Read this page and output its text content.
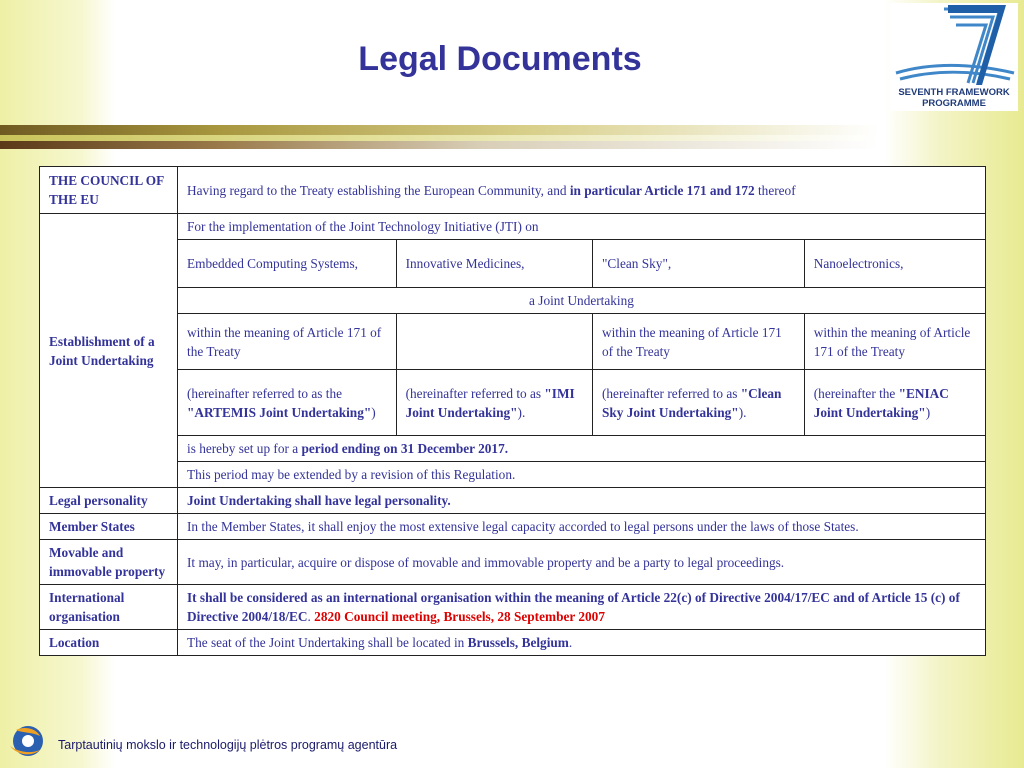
Legal Documents
SEVENTH FRAMEWORK
PROGRAMME
THE COUNCIL OF THE EU	Having regard to the Treaty establishing the European Community, and in particular Article 171 and 172 thereof			
Establishment of a Joint Undertaking	For the implementation of the Joint Technology Initiative (JTI) on			
	Embedded Computing Systems,	Innovative Medicines,	"Clean Sky",	Nanoelectronics,
	a Joint Undertaking			
	within the meaning of Article 171 of the Treaty		within the meaning of Article 171 of the Treaty	within the meaning of Article 171 of the Treaty
	(hereinafter referred to as the "ARTEMIS Joint Undertaking")	(hereinafter referred to as "IMI Joint Undertaking").	(hereinafter referred to as "Clean Sky Joint Undertaking").	(hereinafter the "ENIAC Joint Undertaking")
	is hereby set up for a period ending on 31 December 2017.			
	This period may be extended by a revision of this Regulation.			
Legal personality	Joint Undertaking shall have legal personality.			
Member States	In the Member States, it shall enjoy the most extensive legal capacity accorded to legal persons under the laws of those States.			
Movable and immovable property	It may, in particular, acquire or dispose of movable and immovable property and be a party to legal proceedings.			
International organisation	It shall be considered as an international organisation within the meaning of Article 22(c) of Directive 2004/17/EC and of Article 15 (c) of Directive 2004/18/EC. 2820 Council meeting, Brussels, 28 September 2007			
Location	The seat of the Joint Undertaking shall be located in Brussels, Belgium.			
Tarptautinių mokslo ir technologijų plėtros programų agentūra
